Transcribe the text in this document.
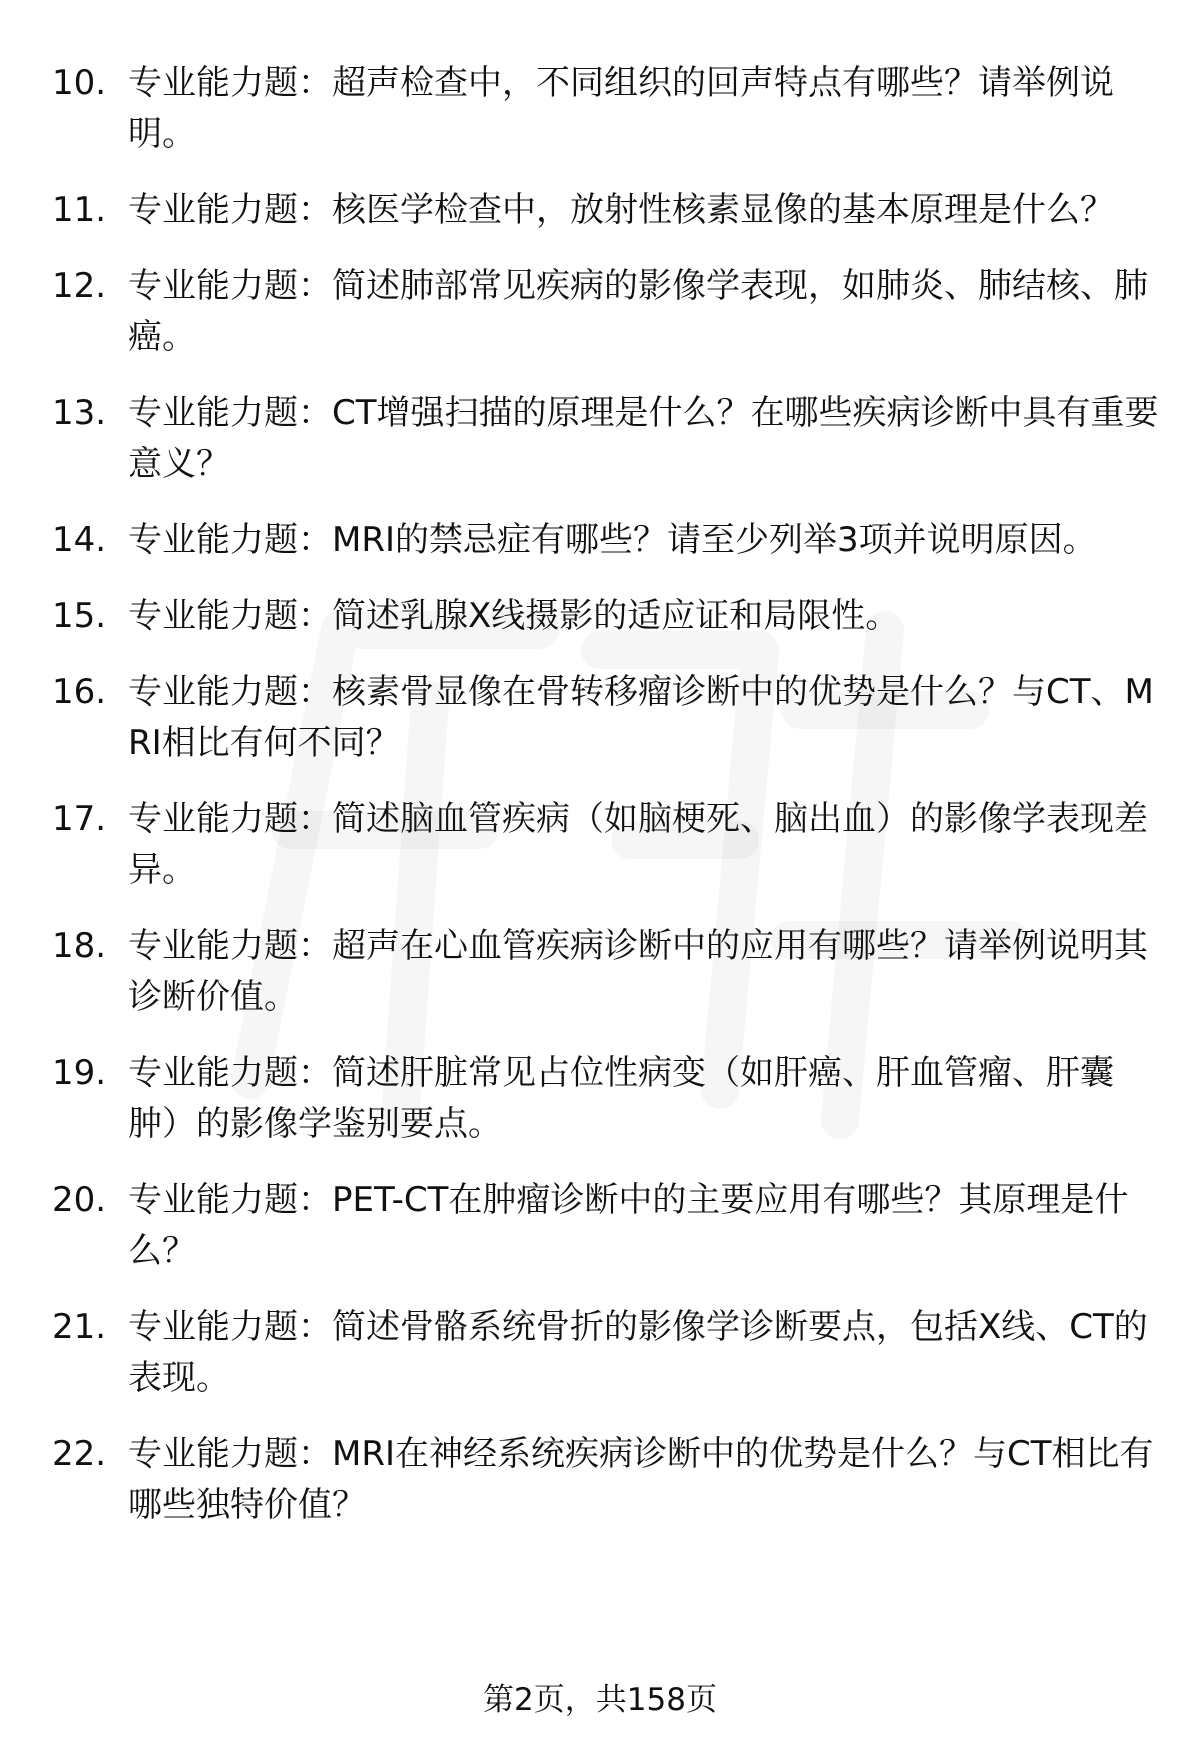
10. 专业能力题：超声检查中，不同组织的回声特点有哪些？请举例说明。
11. 专业能力题：核医学检查中，放射性核素显像的基本原理是什么？
12. 专业能力题：简述肺部常见疾病的影像学表现，如肺炎、肺结核、肺癌。
13. 专业能力题：CT增强扫描的原理是什么？在哪些疾病诊断中具有重要意义？
14. 专业能力题：MRI的禁忌症有哪些？请至少列举3项并说明原因。
15. 专业能力题：简述乳腺X线摄影的适应证和局限性。
16. 专业能力题：核素骨显像在骨转移瘤诊断中的优势是什么？与CT、MRI相比有何不同？
17. 专业能力题：简述脑血管疾病（如脑梗死、脑出血）的影像学表现差异。
18. 专业能力题：超声在心血管疾病诊断中的应用有哪些？请举例说明其诊断价值。
19. 专业能力题：简述肝脏常见占位性病变（如肝癌、肝血管瘤、肝囊肿）的影像学鉴别要点。
20. 专业能力题：PET-CT在肿瘤诊断中的主要应用有哪些？其原理是什么？
21. 专业能力题：简述骨骼系统骨折的影像学诊断要点，包括X线、CT的表现。
22. 专业能力题：MRI在神经系统疾病诊断中的优势是什么？与CT相比有哪些独特价值？
第2页，共158页
